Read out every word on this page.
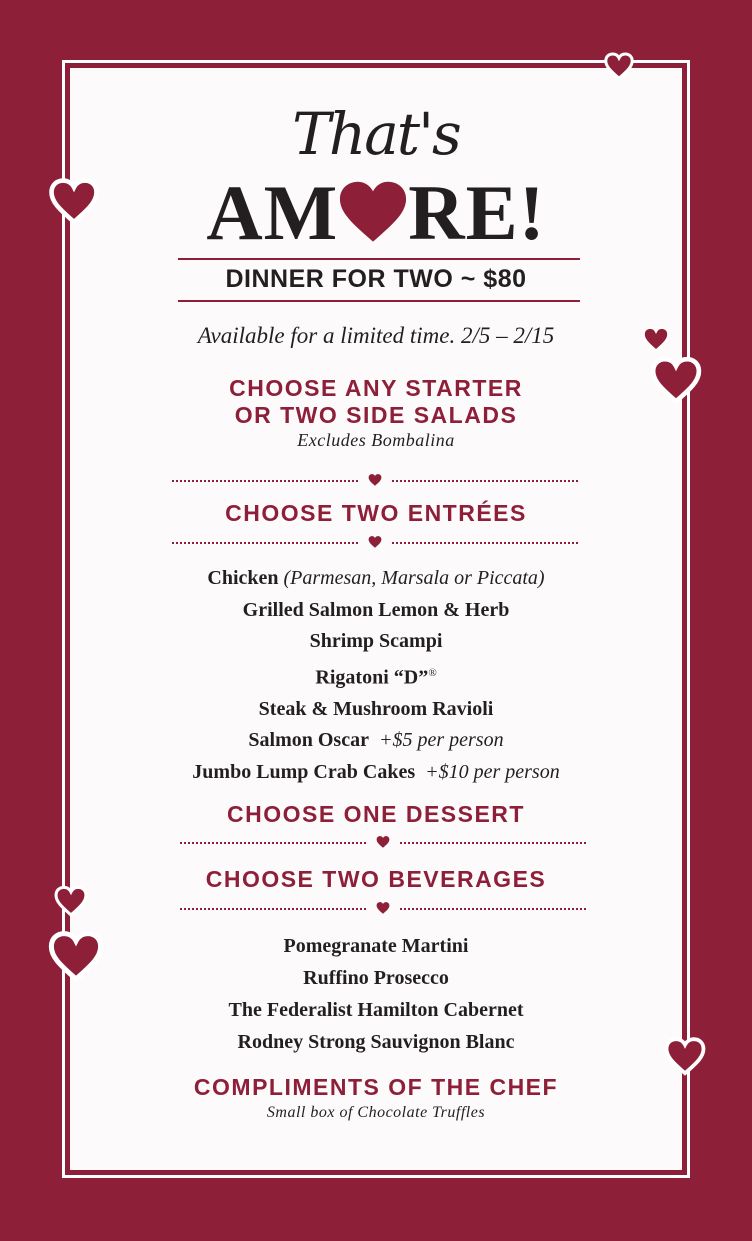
That's
AM RE!
DINNER FOR TWO ~ $80
Available for a limited time. 2/5 – 2/15
CHOOSE ANY STARTER
OR TWO SIDE SALADS
Excludes Bombalina
CHOOSE TWO ENTRÉES
Chicken (Parmesan, Marsala or Piccata)
Grilled Salmon Lemon & Herb
Shrimp Scampi
Rigatoni “D”®
Steak & Mushroom Ravioli
Salmon Oscar  +$5 per person
Jumbo Lump Crab Cakes  +$10 per person
CHOOSE ONE DESSERT
CHOOSE TWO BEVERAGES
Pomegranate Martini
Ruffino Prosecco
The Federalist Hamilton Cabernet
Rodney Strong Sauvignon Blanc
COMPLIMENTS OF THE CHEF
Small box of Chocolate Truffles
